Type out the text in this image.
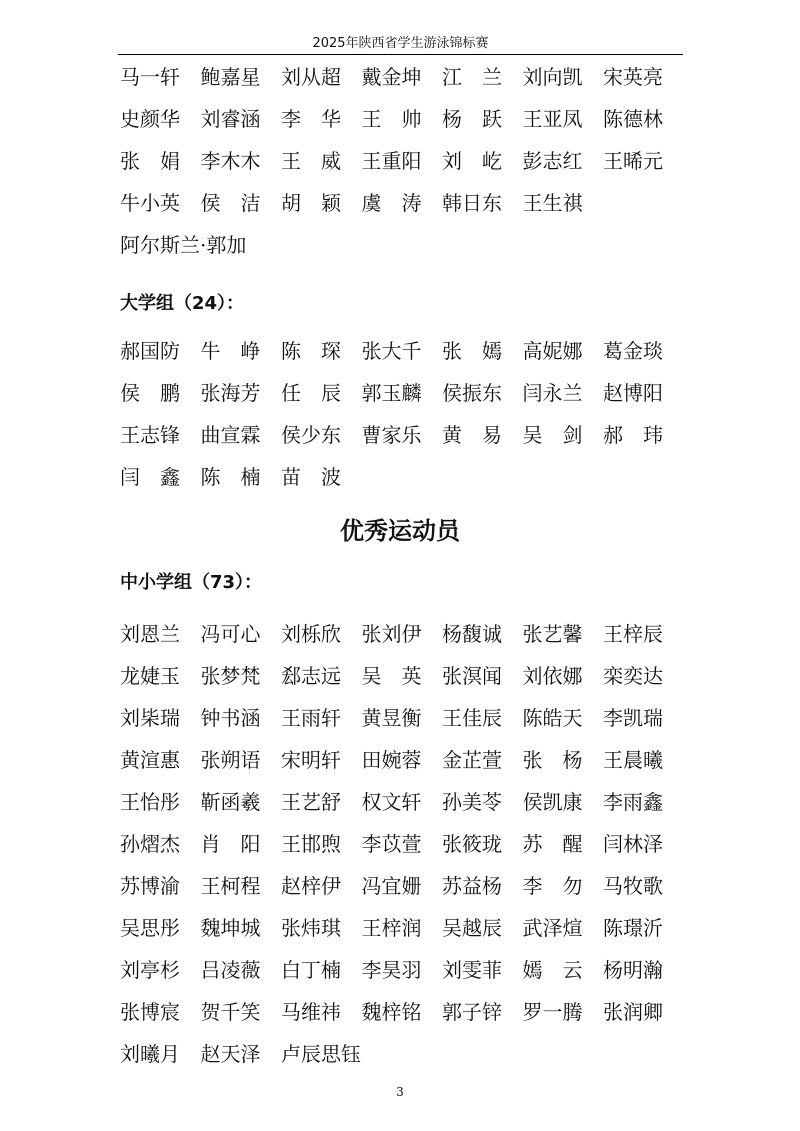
2025年陕西省学生游泳锦标赛
马一轩 鲍嘉星 刘从超 戴金坤 江　兰 刘向凯 宋英亮
史颜华 刘睿涵 李　华 王　帅 杨　跃 王亚凤 陈德林
张　娟 李木木 王　威 王重阳 刘　屹 彭志红 王晞元
牛小英 侯　洁 胡　颖 虞　涛 韩日东 王生祺
阿尔斯兰·郭加
大学组（24）：
郝国防 牛　峥 陈　琛 张大千 张　嫣 高妮娜 葛金琰
侯　鹏 张海芳 任　辰 郭玉麟 侯振东 闫永兰 赵博阳
王志锋 曲宣霖 侯少东 曹家乐 黄　易 吴　剑 郝　玮
闫　鑫 陈　楠 苗　波
优秀运动员
中小学组（73）：
刘恩兰 冯可心 刘栎欣 张刘伊 杨馥诚 张艺馨 王梓辰
龙婕玉 张梦梵 郄志远 吴　英 张溟闻 刘依娜 栾奕达
刘枈瑞 钟书涵 王雨轩 黄昱衡 王佳辰 陈皓天 李凯瑞
黄渲惠 张朔语 宋明轩 田婉蓉 金芷萱 张　杨 王晨曦
王怡彤 靳函羲 王艺舒 权文轩 孙美苓 侯凯康 李雨鑫
孙熠杰 肖　阳 王邯煦 李苡萱 张筱珑 苏　醒 闫林泽
苏博渝 王柯程 赵梓伊 冯宜姗 苏益杨 李　勿 马牧歌
吴思彤 魏坤城 张炜琪 王梓润 吴越辰 武泽煊 陈璟沂
刘亭杉 吕凌薇 白丁楠 李昊羽 刘雯菲 嫣　云 杨明瀚
张博宸 贺千笑 马维祎 魏梓铭 郭子锌 罗一腾 张润卿
刘曦月 赵天泽 卢辰思钰
3
